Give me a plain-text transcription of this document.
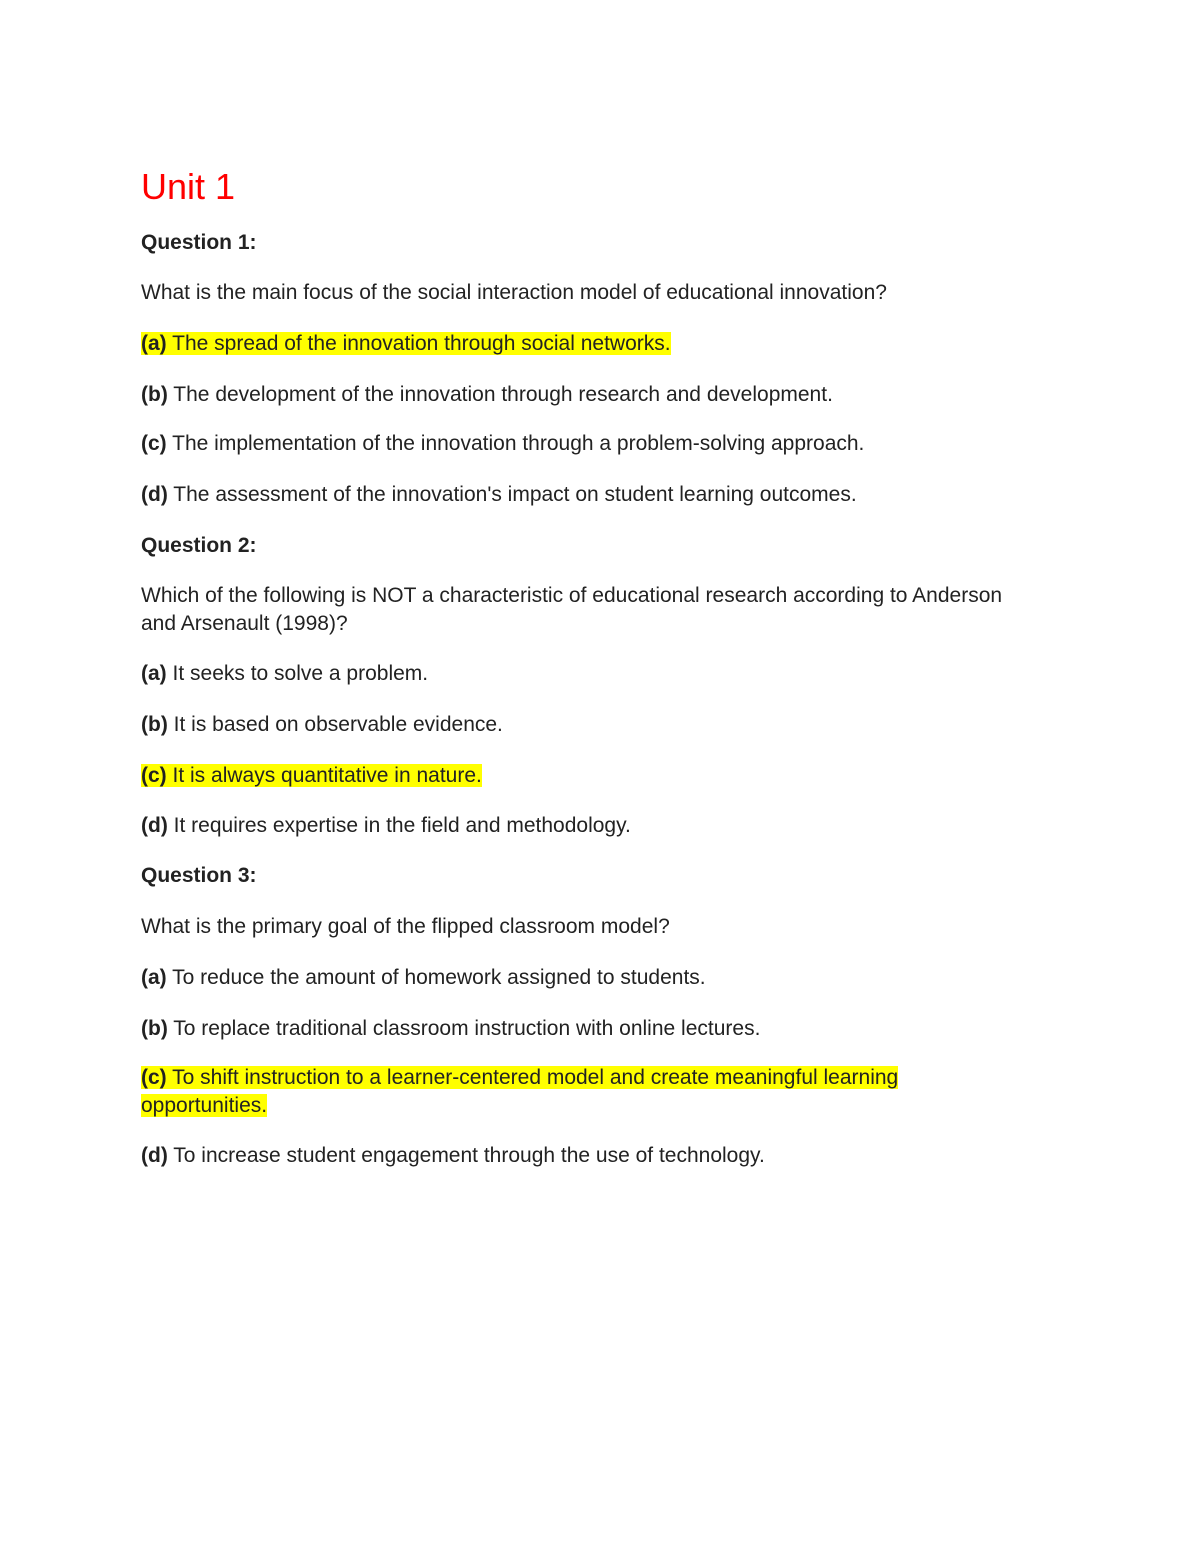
Unit 1
Question 1:

What is the main focus of the social interaction model of educational innovation?

(a) The spread of the innovation through social networks.

(b) The development of the innovation through research and development.

(c) The implementation of the innovation through a problem-solving approach.

(d) The assessment of the innovation's impact on student learning outcomes.

Question 2:

Which of the following is NOT a characteristic of educational research according to Anderson and Arsenault (1998)?

(a) It seeks to solve a problem.

(b) It is based on observable evidence.

(c) It is always quantitative in nature.

(d) It requires expertise in the field and methodology.

Question 3:

What is the primary goal of the flipped classroom model?

(a) To reduce the amount of homework assigned to students.

(b) To replace traditional classroom instruction with online lectures.

(c) To shift instruction to a learner-centered model and create meaningful learning opportunities.

(d) To increase student engagement through the use of technology.
